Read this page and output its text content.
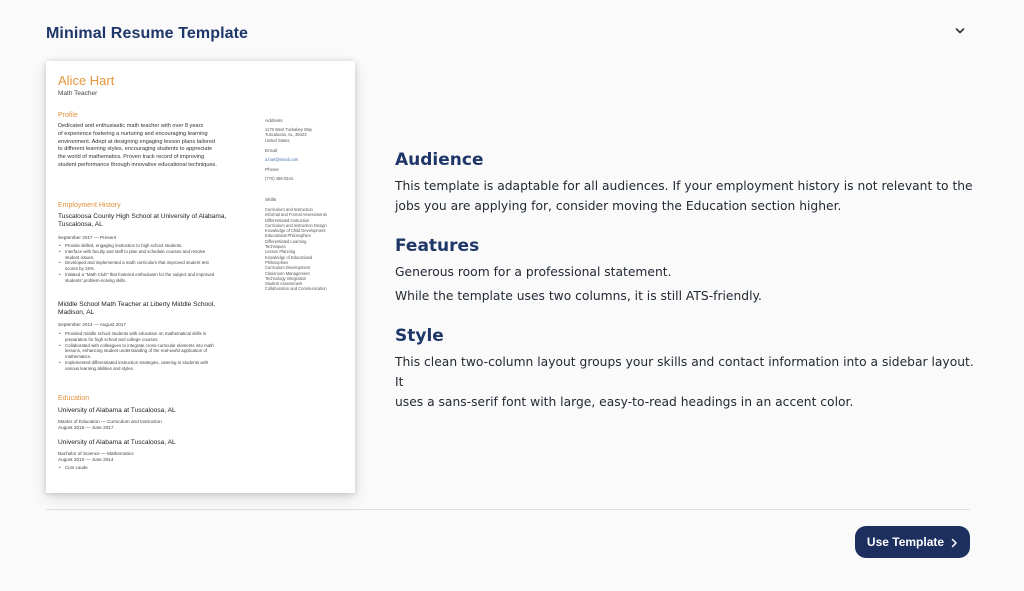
Minimal Resume Template
Alice Hart
Math Teacher
Profile
Dedicated and enthusiastic math teacher with over 8 years
of experience fostering a nurturing and encouraging learning
environment. Adept at designing engaging lesson plans tailored
to different learning styles, encouraging students to appreciate
the world of mathematics. Proven track record of improving
student performance through innovative educational techniques.
Employment History
Tuscaloosa County High School at University of Alabama,
Tuscaloosa, AL
September 2017 — Present
• Provide skilled, engaging instruction to high school students.
• Interface with faculty and staff to plan and schedule courses and resolve
student issues.
• Developed and implemented a math curriculum that improved student test
scores by 15%.
• Initiated a "Math Club" that fostered enthusiasm for the subject and improved
students' problem-solving skills.
Middle School Math Teacher at Liberty Middle School,
Madison, AL
September 2014 — August 2017
• Provided middle school students with education on mathematical skills in
preparation for high school and college courses.
• Collaborated with colleagues to integrate cross-curricular elements into math
lessons, enhancing student understanding of the real-world application of
mathematics.
• Implemented differentiated instruction strategies, catering to students with
various learning abilities and styles.
Education
University of Alabama at Tuscaloosa, AL
Master of Education — Curriculum and Instruction
August 2015 — June 2017
University of Alabama at Tuscaloosa, AL
Bachelor of Science — Mathematics
August 2010 — June 2014
• Cum Laude
Address
1179 West Tuckabey Way
Tuscaloosa, AL, 35423
United States
Email
a.hart@email.com
Phone
(770) 489-3344
Skills
Curriculum and Instruction
Informal and Formal Assessments
Differentiated Instruction
Curriculum and Instruction Design
Knowledge of Child Development
Educational Philosophies
Differentiated Learning
Techniques
Lesson Planning
Knowledge of Educational
Philosophies
Curriculum Development
Classroom Management
Technology Integration
Student Assessment
Collaboration and Communication
Audience
This template is adaptable for all audiences. If your employment history is not relevant to the
jobs you are applying for, consider moving the Education section higher.
Features
Generous room for a professional statement.
While the template uses two columns, it is still ATS-friendly.
Style
This clean two-column layout groups your skills and contact information into a sidebar layout. It
uses a sans-serif font with large, easy-to-read headings in an accent color.
Use Template
